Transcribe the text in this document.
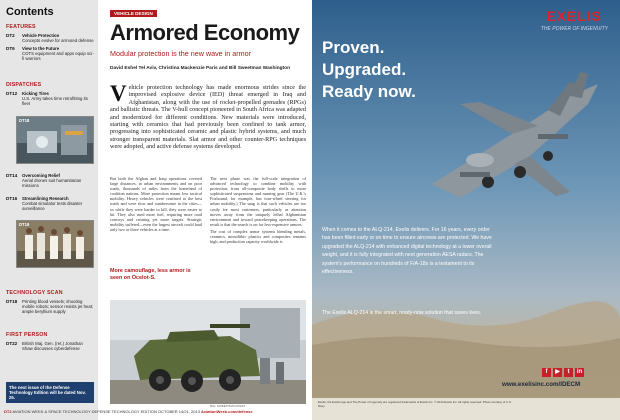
Contents
FEATURES
DT2	Vehicle Protection
Concepts evolve for armored defense
DT6	View to the Future
COTS equipment and apps equip sci-fi warriors
DISPATCHES
DT12	Kicking Tires
U.S. Army takes time retrofitting its fleet
DT18
DT14	Overcoming Relief
Aerial drones suit humanitarian missions
DT16	Streamlining Research
Combat simulator tests disaster surveillance
DT19
TECHNOLOGY SCAN
DT18	Printing blood vessels; shooting mobile robots; sensor resists jet heat; ample beryllium supply
FIRST PERSON
DT22	British Maj. Gen. (ret.) Jonathan Shaw discusses cyberdefense
The next issue of the Defense Technology Edition will be dated Nov. 25.
VEHICLE DESIGN
Armored Economy
Modular protection is the new wave in armor
David Eshel Tel Aviv, Christina Mackenzie Paris and Bill Sweetman Washington
Vehicle protection technology has made enormous strides since the improvised explosive device (IED) threat emerged in Iraq and Afghanistan, along with the use of rocket-propelled grenades (RPGs) and ballistic threats. The V-hull concept pioneered in South Africa was adapted and modernized for different conditions. New materials were introduced, starting with ceramics that had previously been confined to tank armor, progressing into sophisticated ceramic and plastic hybrid systems, and much stronger transparent materials. Slat armor and other counter-RPG techniques were adopted, and active defense systems developed.
But both the Afghan and Iraqi operations covered large distances, in urban environments and on poor roads, thousands of miles from the homeland of coalition nations. More protection meant less tactical mobility. Heavy vehicles were confined to the best roads and were slow and cumbersome in the cities—so while they were harder to kill, they were easier to hit. They also used more fuel, requiring more road convoys and creating yet more targets. Strategic mobility suffered—even the largest aircraft could haul only two or three vehicles at a time.
More camouflage, less armor is seen on Ocelot-S.
The next phase was the full-scale integration of advanced technology to combine mobility with protection, from all-composite body shells to more sophisticated suspensions and running gear (The U.K.'s Foxhound, for example, has four-wheel steering for urban mobility.) The snag is that such vehicles are too costly for most customers, particularly as attention moves away from the uniquely lethal Afghanistan environment and toward peacekeeping operations. The result is that the search is on for less-expensive armors.
The cost of complex armor systems blending metals, ceramics, monolithic plastics and composites remains high, and production capacity worldwide is
BILL SWEETMAN/AW&ST
DT2 AVIATION WEEK & SPACE TECHNOLOGY DEFENSE TECHNOLOGY EDITION OCTOBER 14/21, 2013 AviationWeek.com/defense
EXELIS
THE POWER OF INGENUITY
Proven.
Upgraded.
Ready now.
When it comes to the ALQ-214, Exelis delivers. For 16 years, every order has been filled early or on time to ensure aircrews are protected. We have upgraded the ALQ-214 with enhanced digital technology at a lower overall weight, and it is fully integrated with next generation AESA radars. The system's performance on hundreds of F/A-18s is a testament to its effectiveness.
The Exelis ALQ-214 is the smart, ready-now solution that saves lives.
f	▶	t	in
www.exelisinc.com/IDECM
Exelis, the Exelis logo and The Power of Ingenuity are registered trademarks of Exelis Inc. © 2013 Exelis Inc. All rights reserved. Photo courtesy of U.S. Navy.
